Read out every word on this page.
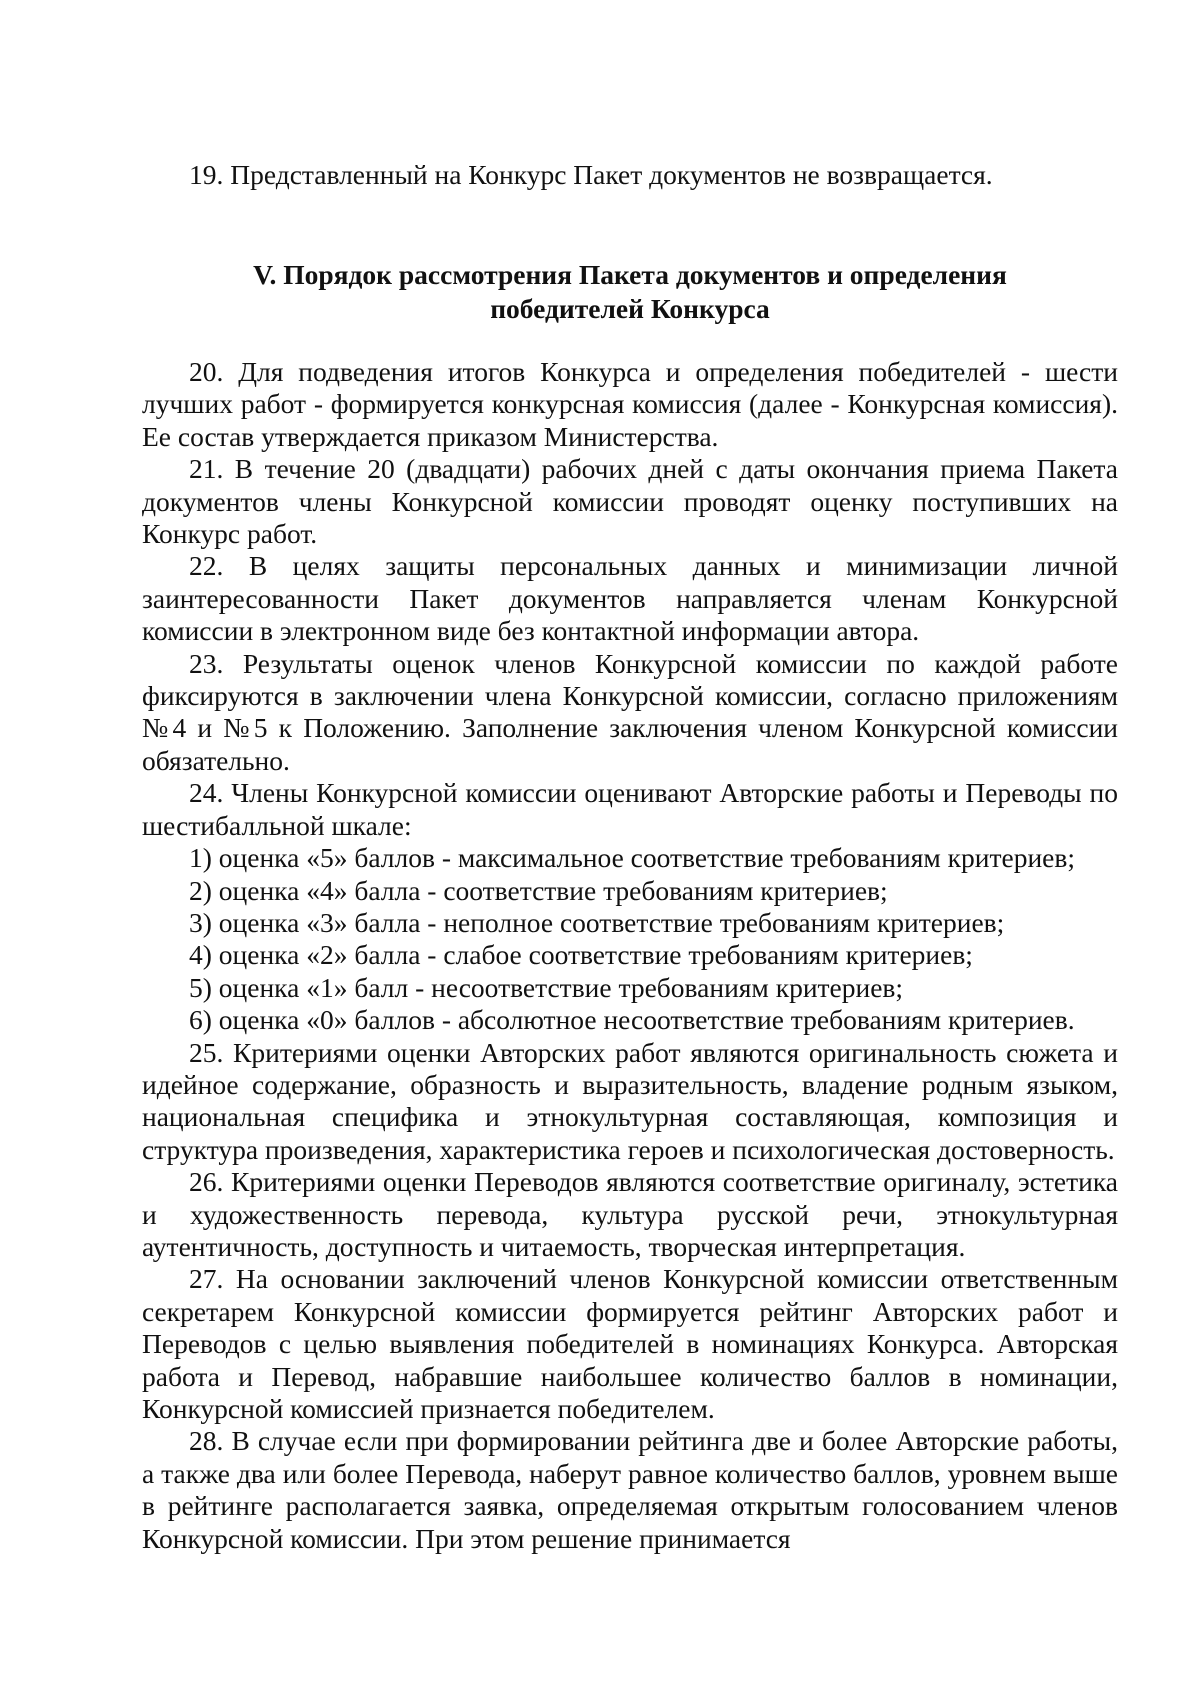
19. Представленный на Конкурс Пакет документов не возвращается.

V. Порядок рассмотрения Пакета документов и определения
победителей Конкурса

20. Для подведения итогов Конкурса и определения победителей - шести лучших работ - формируется конкурсная комиссия (далее - Конкурсная комиссия). Ее состав утверждается приказом Министерства.

21. В течение 20 (двадцати) рабочих дней с даты окончания приема Пакета документов члены Конкурсной комиссии проводят оценку поступивших на Конкурс работ.

22. В целях защиты персональных данных и минимизации личной заинтересованности Пакет документов направляется членам Конкурсной комиссии в электронном виде без контактной информации автора.

23. Результаты оценок членов Конкурсной комиссии по каждой работе фиксируются в заключении члена Конкурсной комиссии, согласно приложениям №4 и №5 к Положению. Заполнение заключения членом Конкурсной комиссии обязательно.

24. Члены Конкурсной комиссии оценивают Авторские работы и Переводы по шестибалльной шкале:

1) оценка «5» баллов - максимальное соответствие требованиям критериев;

2) оценка «4» балла - соответствие требованиям критериев;

3) оценка «3» балла - неполное соответствие требованиям критериев;

4) оценка «2» балла - слабое соответствие требованиям критериев;

5) оценка «1» балл - несоответствие требованиям критериев;

6) оценка «0» баллов - абсолютное несоответствие требованиям критериев.

25. Критериями оценки Авторских работ являются оригинальность сюжета и идейное содержание, образность и выразительность, владение родным языком, национальная специфика и этнокультурная составляющая, композиция и структура произведения, характеристика героев и психологическая достоверность.

26. Критериями оценки Переводов являются соответствие оригиналу, эстетика и художественность перевода, культура русской речи, этнокультурная аутентичность, доступность и читаемость, творческая интерпретация.

27. На основании заключений членов Конкурсной комиссии ответственным секретарем Конкурсной комиссии формируется рейтинг Авторских работ и Переводов с целью выявления победителей в номинациях Конкурса. Авторская работа и Перевод, набравшие наибольшее количество баллов в номинации, Конкурсной комиссией признается победителем.

28. В случае если при формировании рейтинга две и более Авторские работы, а также два или более Перевода, наберут равное количество баллов, уровнем выше в рейтинге располагается заявка, определяемая открытым голосованием членов Конкурсной комиссии. При этом решение принимается
